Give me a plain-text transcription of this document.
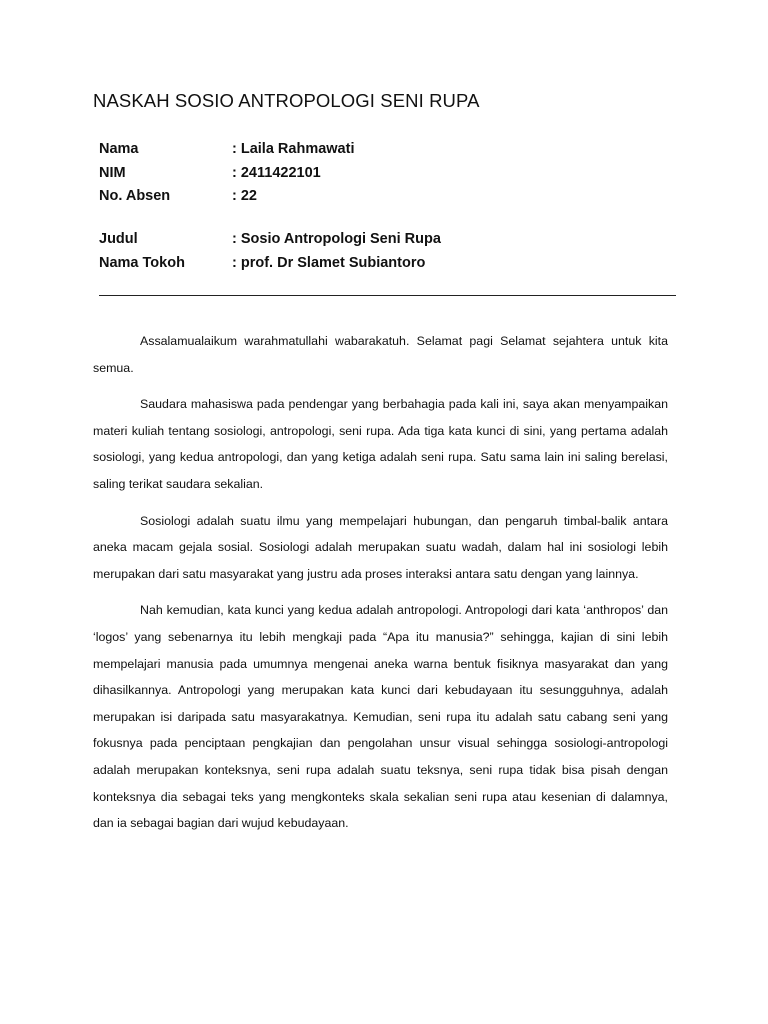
NASKAH SOSIO ANTROPOLOGI SENI RUPA
Nama	: Laila Rahmawati
NIM	: 2411422101
No. Absen	: 22
Judul	: Sosio Antropologi Seni Rupa
Nama Tokoh	: prof. Dr Slamet Subiantoro

Assalamualaikum warahmatullahi wabarakatuh. Selamat pagi Selamat sejahtera untuk kita semua.

Saudara mahasiswa pada pendengar yang berbahagia pada kali ini, saya akan menyampaikan materi kuliah tentang sosiologi, antropologi, seni rupa. Ada tiga kata kunci di sini, yang pertama adalah sosiologi, yang kedua antropologi, dan yang ketiga adalah seni rupa. Satu sama lain ini saling berelasi, saling terikat saudara sekalian.

Sosiologi adalah suatu ilmu yang mempelajari hubungan, dan pengaruh timbal-balik antara aneka macam gejala sosial. Sosiologi adalah merupakan suatu wadah, dalam hal ini sosiologi lebih merupakan dari satu masyarakat yang justru ada proses interaksi antara satu dengan yang lainnya.

Nah kemudian, kata kunci yang kedua adalah antropologi. Antropologi dari kata ‘anthropos’ dan ‘logos’ yang sebenarnya itu lebih mengkaji pada “Apa itu manusia?” sehingga, kajian di sini lebih mempelajari manusia pada umumnya mengenai aneka warna bentuk fisiknya masyarakat dan yang dihasilkannya. Antropologi yang merupakan kata kunci dari kebudayaan itu sesungguhnya, adalah merupakan isi daripada satu masyarakatnya. Kemudian, seni rupa itu adalah satu cabang seni yang fokusnya pada penciptaan pengkajian dan pengolahan unsur visual sehingga sosiologi-antropologi adalah merupakan konteksnya, seni rupa adalah suatu teksnya, seni rupa tidak bisa pisah dengan konteksnya dia sebagai teks yang mengkonteks skala sekalian seni rupa atau kesenian di dalamnya, dan ia sebagai bagian dari wujud kebudayaan.
